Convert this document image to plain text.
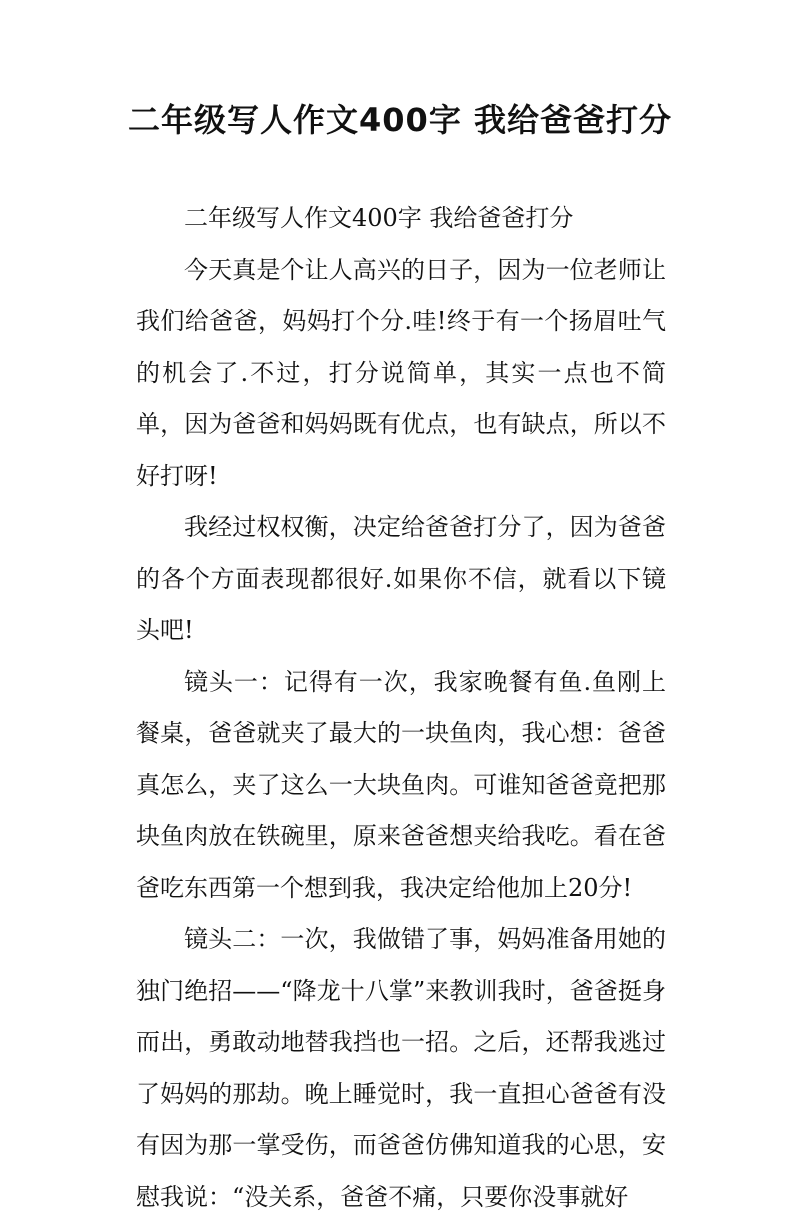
二年级写人作文400字 我给爸爸打分

二年级写人作文400字 我给爸爸打分

今天真是个让人高兴的日子，因为一位老师让我们给爸爸，妈妈打个分.哇!终于有一个扬眉吐气的机会了.不过，打分说简单，其实一点也不简单，因为爸爸和妈妈既有优点，也有缺点，所以不好打呀!

我经过权权衡，决定给爸爸打分了，因为爸爸的各个方面表现都很好.如果你不信，就看以下镜头吧!

镜头一：记得有一次，我家晚餐有鱼.鱼刚上餐桌，爸爸就夹了最大的一块鱼肉，我心想：爸爸真怎么，夹了这么一大块鱼肉。可谁知爸爸竟把那块鱼肉放在铁碗里，原来爸爸想夹给我吃。看在爸爸吃东西第一个想到我，我决定给他加上20分!

镜头二：一次，我做错了事，妈妈准备用她的独门绝招——“降龙十八掌”来教训我时，爸爸挺身而出，勇敢动地替我挡也一招。之后，还帮我逃过了妈妈的那劫。晚上睡觉时，我一直担心爸爸有没有因为那一掌受伤，而爸爸仿佛知道我的心思，安慰我说：“没关系，爸爸不痛，只要你没事就好
